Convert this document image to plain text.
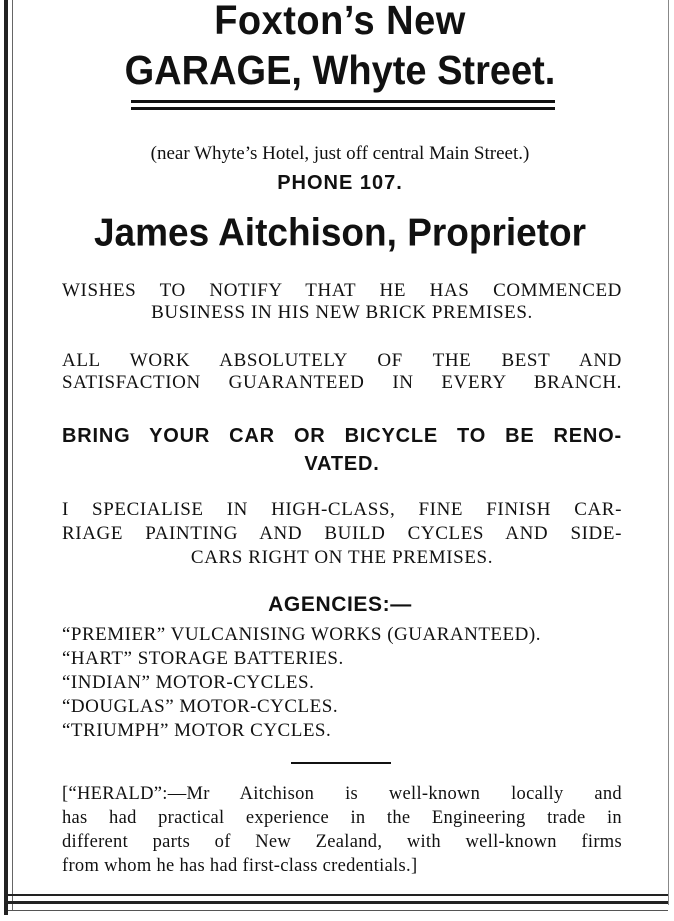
Foxton’s New
GARAGE, Whyte Street.
(near Whyte’s Hotel, just off central Main Street.)
PHONE 107.
James Aitchison, Proprietor
WISHES TO NOTIFY THAT HE HAS COMMENCED
BUSINESS IN HIS NEW BRICK PREMISES.
ALL WORK ABSOLUTELY OF THE BEST AND
SATISFACTION GUARANTEED IN EVERY BRANCH.
BRING YOUR CAR OR BICYCLE TO BE RENO-
VATED.
I SPECIALISE IN HIGH-CLASS, FINE FINISH CAR-
RIAGE PAINTING AND BUILD CYCLES AND SIDE-
CARS RIGHT ON THE PREMISES.
AGENCIES:—
“PREMIER” VULCANISING WORKS (GUARANTEED).
“HART” STORAGE BATTERIES.
“INDIAN” MOTOR-CYCLES.
“DOUGLAS” MOTOR-CYCLES.
“TRIUMPH” MOTOR CYCLES.
[“HERALD”:—Mr Aitchison is well-known locally and
has had practical experience in the Engineering trade in
different parts of New Zealand, with well-known firms
from whom he has had first-class credentials.]
